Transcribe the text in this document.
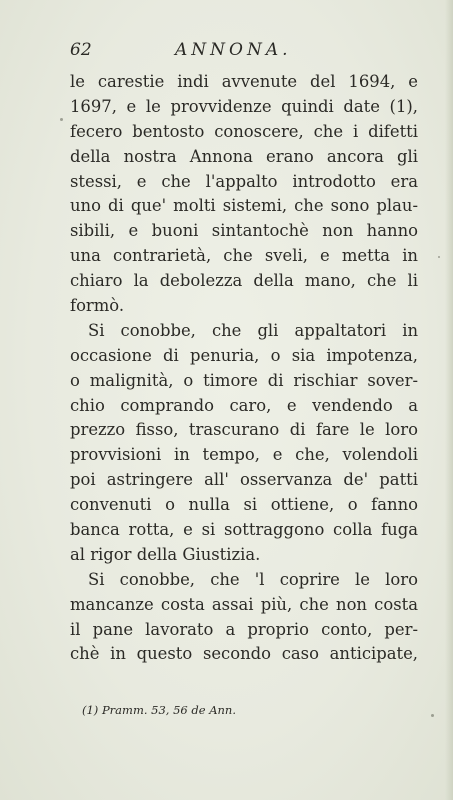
62	ANNONA.
le carestie indi avvenute del 1694, e
1697, e le provvidenze quindi date (1),
fecero bentosto conoscere, che i difetti
della nostra Annona erano ancora gli
stessi, e che l'appalto introdotto era
uno di que' molti sistemi, che sono plau-
sibili, e buoni sintantochè non hanno
una contrarietà, che sveli, e metta in
chiaro la debolezza della mano, che li
formò.
Si conobbe, che gli appaltatori in
occasione di penuria, o sia impotenza,
o malignità, o timore di rischiar sover-
chio comprando caro, e vendendo a
prezzo fisso, trascurano di fare le loro
provvisioni in tempo, e che, volendoli
poi astringere all' osservanza de' patti
convenuti o nulla si ottiene, o fanno
banca rotta, e si sottraggono colla fuga
al rigor della Giustizia.
Si conobbe, che 'l coprire le loro
mancanze costa assai più, che non costa
il pane lavorato a proprio conto, per-
chè in questo secondo caso anticipate,
(1) Pramm. 53, 56 de Ann.
